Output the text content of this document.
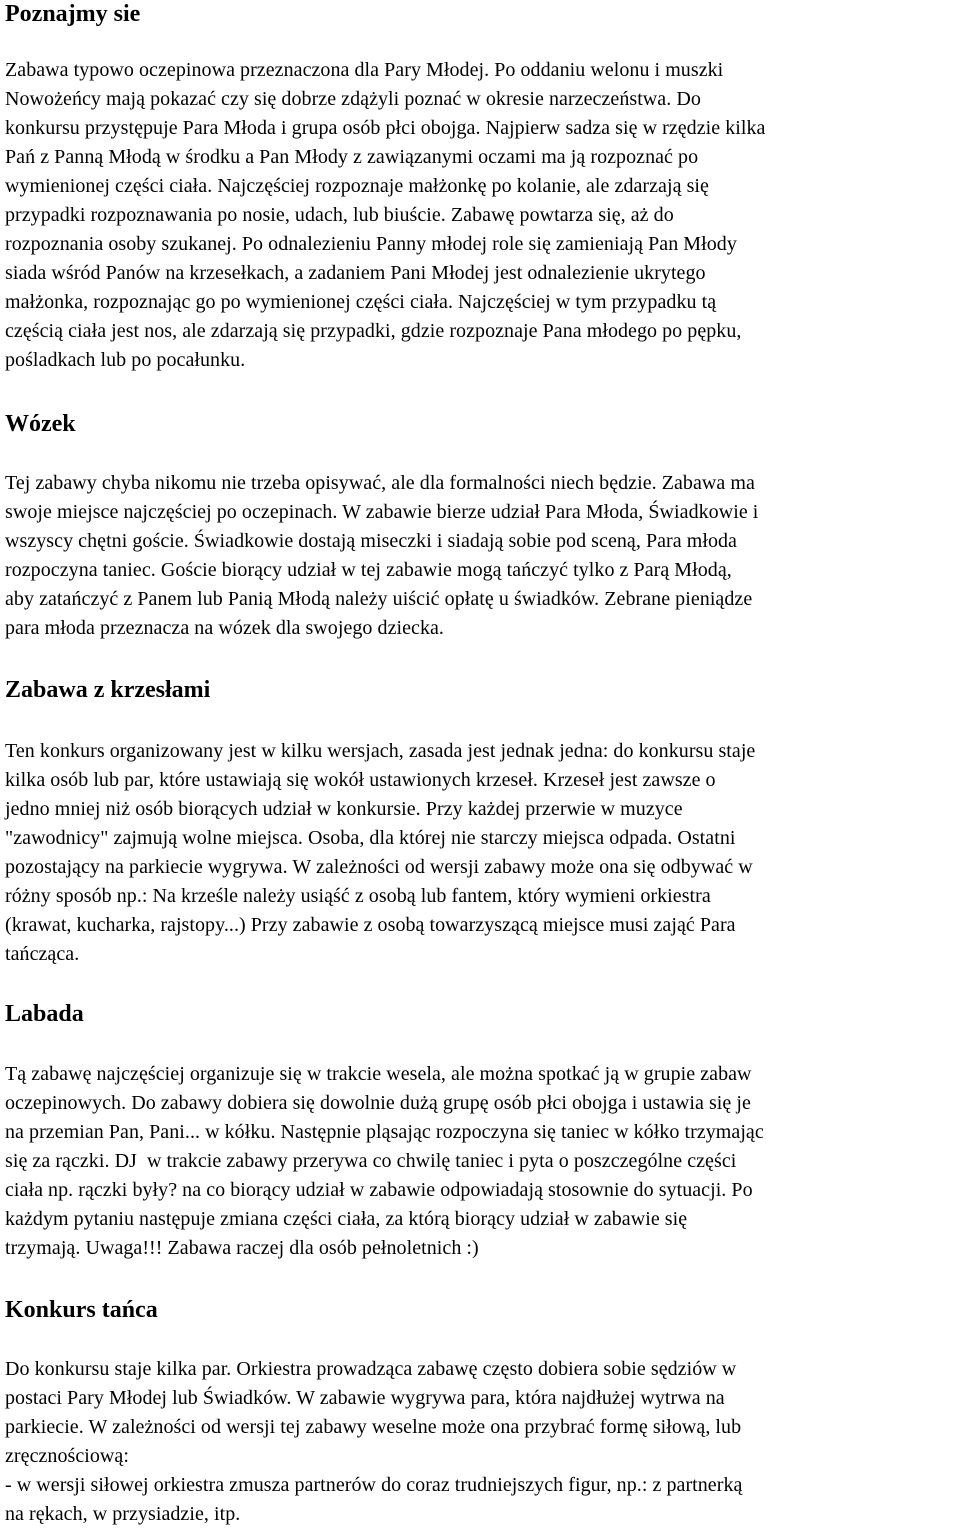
Poznajmy sie

Zabawa typowo oczepinowa przeznaczona dla Pary Młodej. Po oddaniu welonu i muszki
Nowożeńcy mają pokazać czy się dobrze zdążyli poznać w okresie narzeczeństwa. Do
konkursu przystępuje Para Młoda i grupa osób płci obojga. Najpierw sadza się w rzędzie kilka
Pań z Panną Młodą w środku a Pan Młody z zawiązanymi oczami ma ją rozpoznać po
wymienionej części ciała. Najczęściej rozpoznaje małżonkę po kolanie, ale zdarzają się
przypadki rozpoznawania po nosie, udach, lub biuście. Zabawę powtarza się, aż do
rozpoznania osoby szukanej. Po odnalezieniu Panny młodej role się zamieniają Pan Młody
siada wśród Panów na krzesełkach, a zadaniem Pani Młodej jest odnalezienie ukrytego
małżonka, rozpoznając go po wymienionej części ciała. Najczęściej w tym przypadku tą
częścią ciała jest nos, ale zdarzają się przypadki, gdzie rozpoznaje Pana młodego po pępku,
pośladkach lub po pocałunku.

Wózek

Tej zabawy chyba nikomu nie trzeba opisywać, ale dla formalności niech będzie. Zabawa ma
swoje miejsce najczęściej po oczepinach. W zabawie bierze udział Para Młoda, Świadkowie i
wszyscy chętni goście. Świadkowie dostają miseczki i siadają sobie pod sceną, Para młoda
rozpoczyna taniec. Goście biorący udział w tej zabawie mogą tańczyć tylko z Parą Młodą,
aby zatańczyć z Panem lub Panią Młodą należy uiścić opłatę u świadków. Zebrane pieniądze
para młoda przeznacza na wózek dla swojego dziecka.

Zabawa z krzesłami

Ten konkurs organizowany jest w kilku wersjach, zasada jest jednak jedna: do konkursu staje
kilka osób lub par, które ustawiają się wokół ustawionych krzeseł. Krzeseł jest zawsze o
jedno mniej niż osób biorących udział w konkursie. Przy każdej przerwie w muzyce
"zawodnicy" zajmują wolne miejsca. Osoba, dla której nie starczy miejsca odpada. Ostatni
pozostający na parkiecie wygrywa. W zależności od wersji zabawy może ona się odbywać w
różny sposób np.: Na krześle należy usiąść z osobą lub fantem, który wymieni orkiestra
(krawat, kucharka, rajstopy...) Przy zabawie z osobą towarzyszącą miejsce musi zająć Para
tańcząca.

Labada

Tą zabawę najczęściej organizuje się w trakcie wesela, ale można spotkać ją w grupie zabaw
oczepinowych. Do zabawy dobiera się dowolnie dużą grupę osób płci obojga i ustawia się je
na przemian Pan, Pani... w kółku. Następnie pląsając rozpoczyna się taniec w kółko trzymając
się za rączki. DJ  w trakcie zabawy przerywa co chwilę taniec i pyta o poszczególne części
ciała np. rączki były? na co biorący udział w zabawie odpowiadają stosownie do sytuacji. Po
każdym pytaniu następuje zmiana części ciała, za którą biorący udział w zabawie się
trzymają. Uwaga!!! Zabawa raczej dla osób pełnoletnich :)

Konkurs tańca

Do konkursu staje kilka par. Orkiestra prowadząca zabawę często dobiera sobie sędziów w
postaci Pary Młodej lub Świadków. W zabawie wygrywa para, która najdłużej wytrwa na
parkiecie. W zależności od wersji tej zabawy weselne może ona przybrać formę siłową, lub
zręcznościową:
- w wersji siłowej orkiestra zmusza partnerów do coraz trudniejszych figur, np.: z partnerką
na rękach, w przysiadzie, itp.
